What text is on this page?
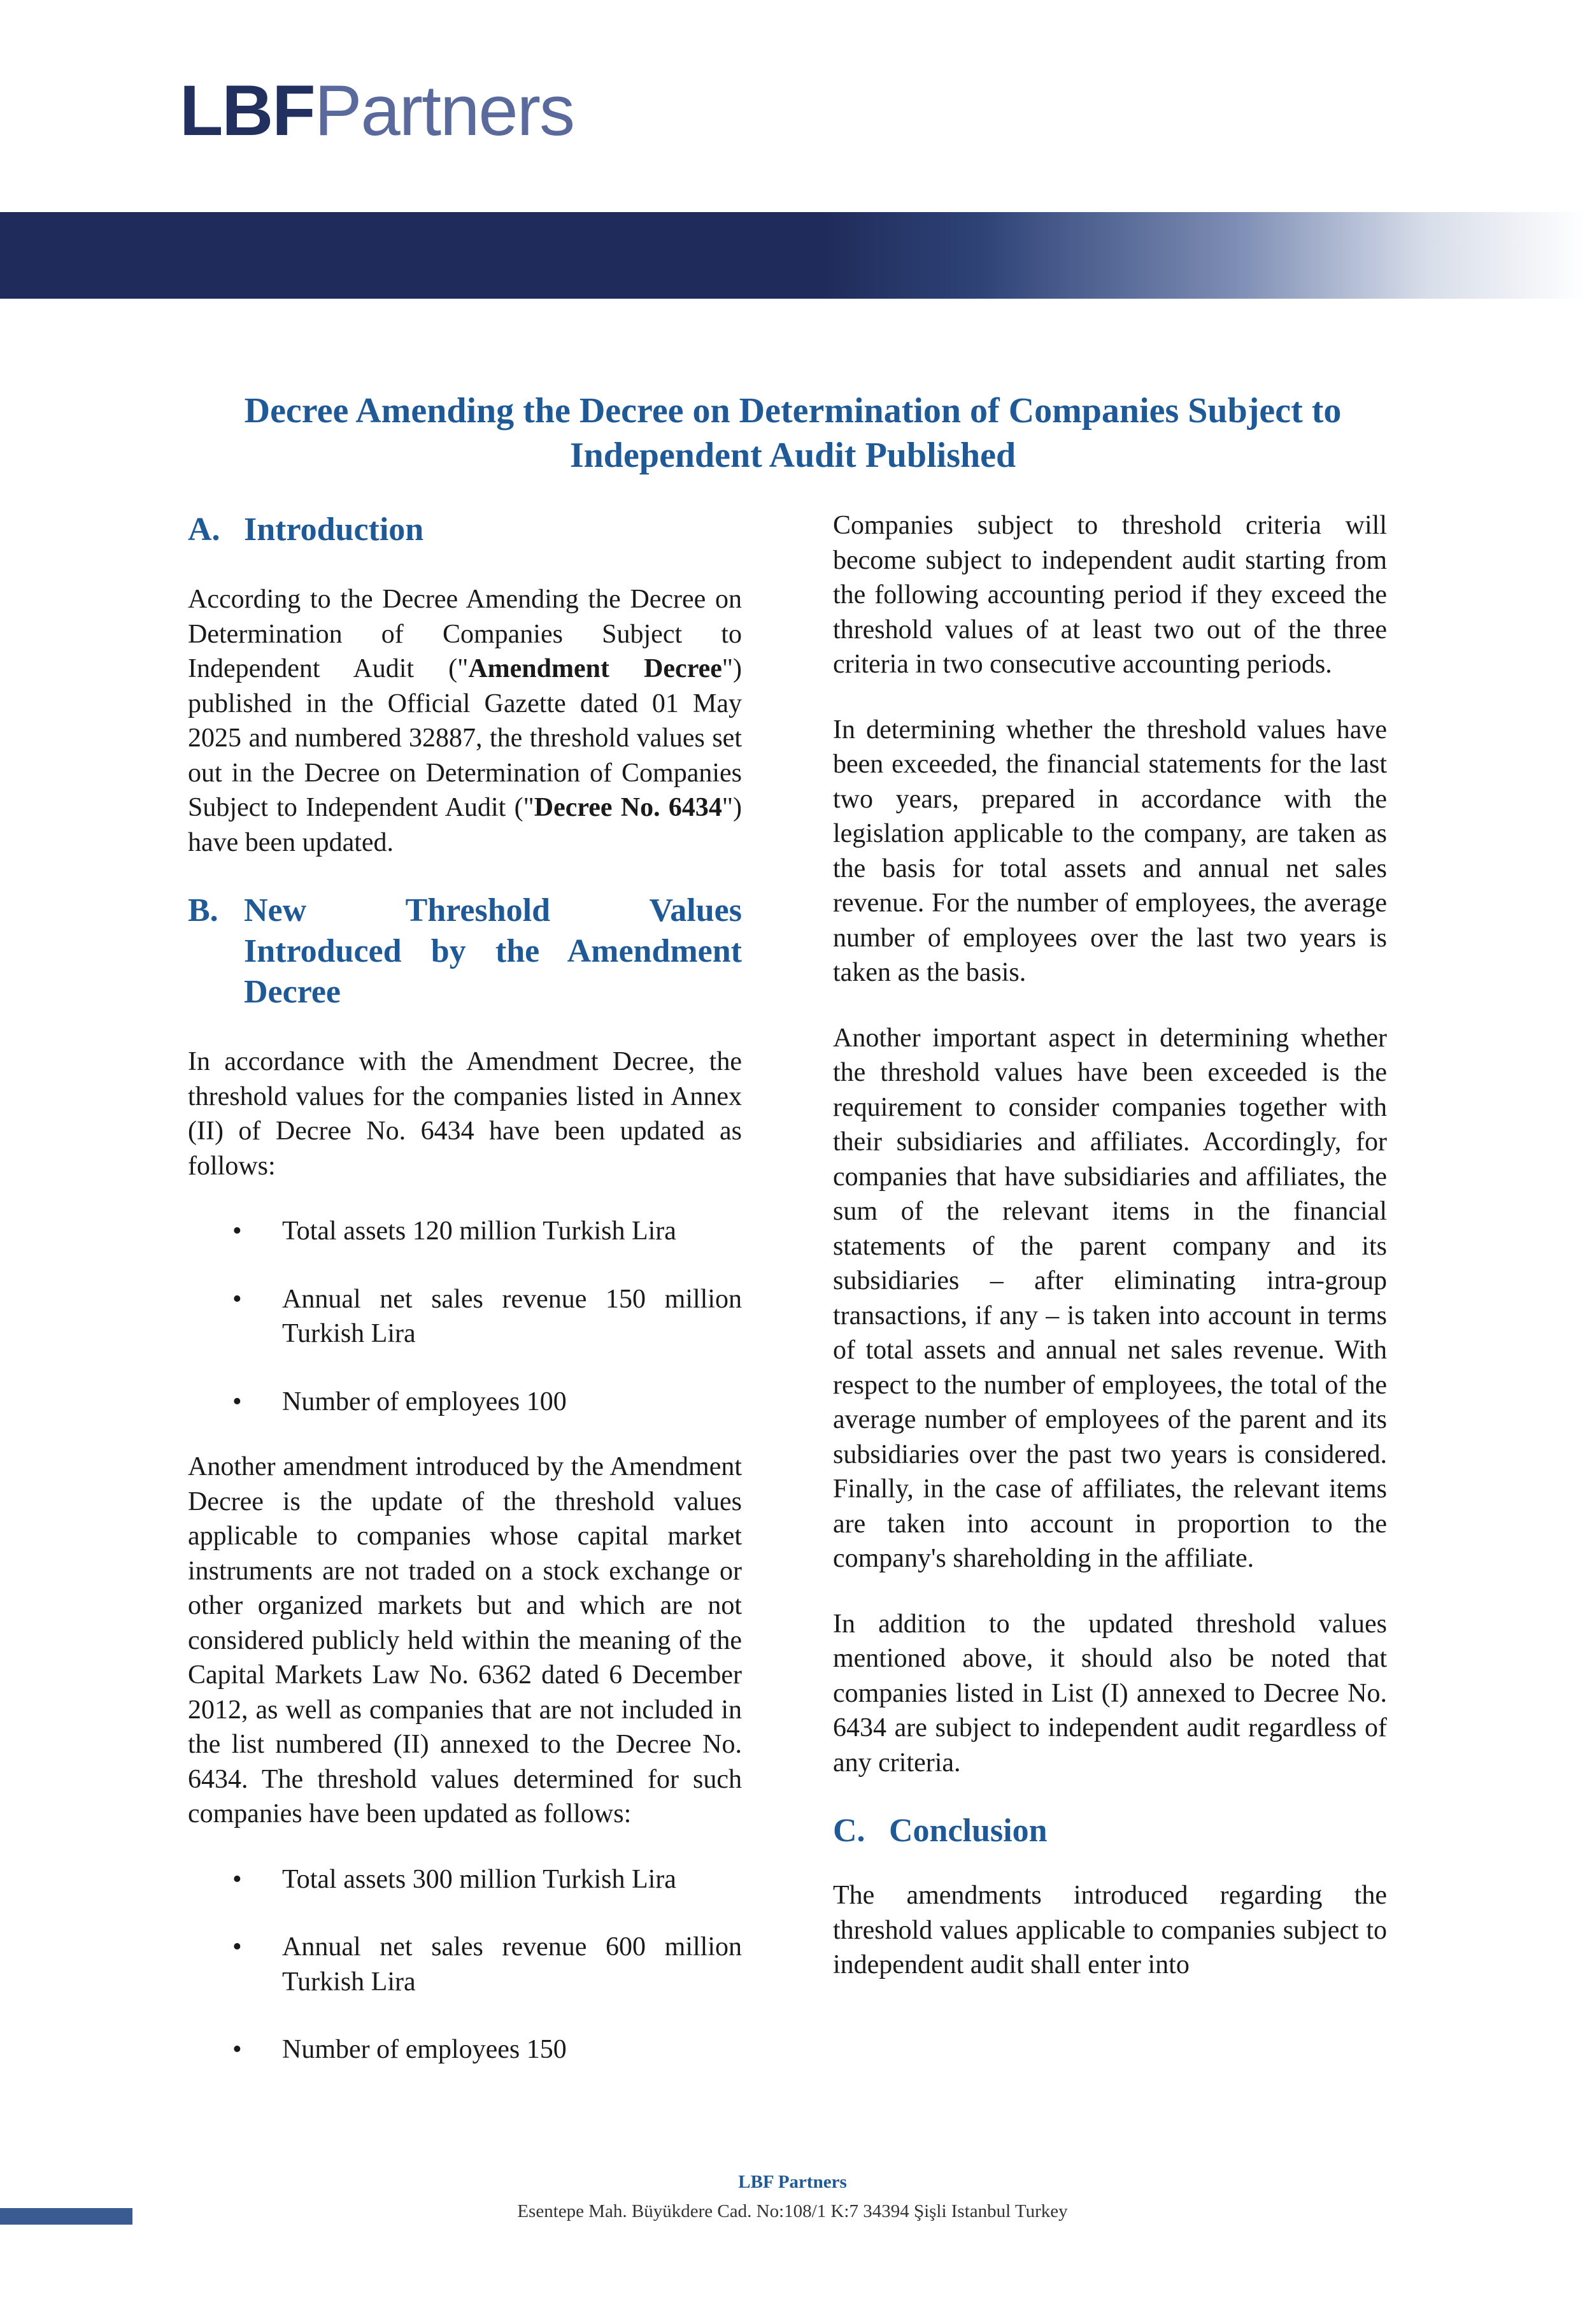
LBFPartners
Decree Amending the Decree on Determination of Companies Subject to
Independent Audit Published
A. Introduction

According to the Decree Amending the Decree on Determination of Companies Subject to Independent Audit ("Amendment Decree") published in the Official Gazette dated 01 May 2025 and numbered 32887, the threshold values set out in the Decree on Determination of Companies Subject to Independent Audit ("Decree No. 6434") have been updated.

B. New Threshold Values
Introduced by the Amendment
Decree

In accordance with the Amendment Decree, the threshold values for the companies listed in Annex (II) of Decree No. 6434 have been updated as follows:

• Total assets 120 million Turkish Lira
• Annual net sales revenue 150 million Turkish Lira
• Number of employees 100

Another amendment introduced by the Amendment Decree is the update of the threshold values applicable to companies whose capital market instruments are not traded on a stock exchange or other organized markets but and which are not considered publicly held within the meaning of the Capital Markets Law No. 6362 dated 6 December 2012, as well as companies that are not included in the list numbered (II) annexed to the Decree No. 6434. The threshold values determined for such companies have been updated as follows:

• Total assets 300 million Turkish Lira
• Annual net sales revenue 600 million Turkish Lira
• Number of employees 150

Companies subject to threshold criteria will become subject to independent audit starting from the following accounting period if they exceed the threshold values of at least two out of the three criteria in two consecutive accounting periods.

In determining whether the threshold values have been exceeded, the financial statements for the last two years, prepared in accordance with the legislation applicable to the company, are taken as the basis for total assets and annual net sales revenue. For the number of employees, the average number of employees over the last two years is taken as the basis.

Another important aspect in determining whether the threshold values have been exceeded is the requirement to consider companies together with their subsidiaries and affiliates. Accordingly, for companies that have subsidiaries and affiliates, the sum of the relevant items in the financial statements of the parent company and its subsidiaries – after eliminating intra-group transactions, if any – is taken into account in terms of total assets and annual net sales revenue. With respect to the number of employees, the total of the average number of employees of the parent and its subsidiaries over the past two years is considered. Finally, in the case of affiliates, the relevant items are taken into account in proportion to the company's shareholding in the affiliate.

In addition to the updated threshold values mentioned above, it should also be noted that companies listed in List (I) annexed to Decree No. 6434 are subject to independent audit regardless of any criteria.

C. Conclusion

The amendments introduced regarding the threshold values applicable to companies subject to independent audit shall enter into

LBF Partners
Esentepe Mah. Büyükdere Cad. No:108/1 K:7 34394 Şişli Istanbul Turkey
